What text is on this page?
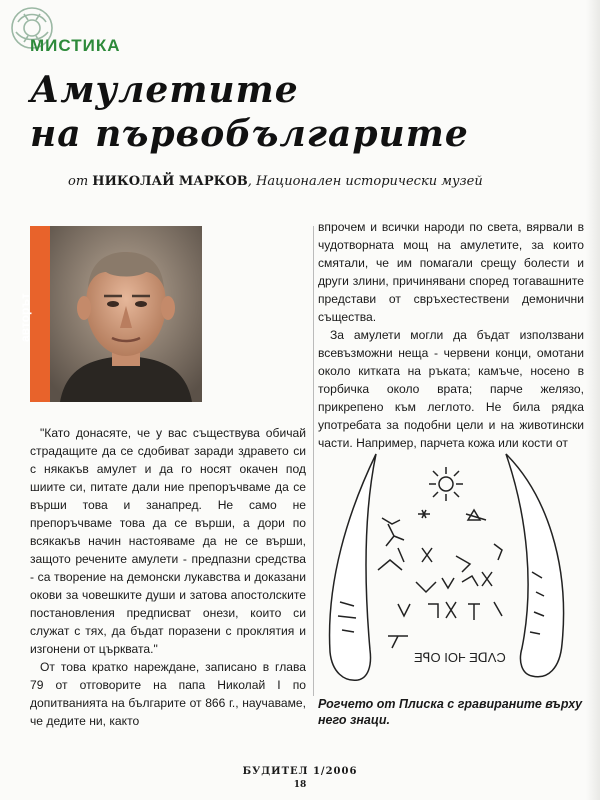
МИСТИКА
Амулетите
на първобългарите
от НИКОЛАЙ МАРКОВ, Национален исторически музей
авторът

"Като донасяте, че у вас съществува обичай страдащите да се сдобиват заради здравето си с някакъв амулет и да го носят окачен под шиите си, питате дали ние препоръчваме да се върши това и занапред. Не само не препоръчваме това да се върши, а дори по всякакъв начин настояваме да не се върши, защото речените амулети - предпазни средства - са творение на демонски лукавства и доказани окови за човешките души и затова апостолските постановления предписват онези, които си служат с тях, да бъдат поразени с проклятия и изгонени от църквата."

От това кратко нареждане, записано в глава 79 от отговорите на папа Николай I по допитванията на българите от 866 г., научаваме, че дедите ни, както

впрочем и всички народи по света, вярвали в чудотворната мощ на амулетите, за които смятали, че им помагали срещу болести и други злини, причинявани според тогавашните представи от свръхестествени демонични същества.

За амулети могли да бъдат използвани всевъзможни неща - червени конци, омотани около китката на ръката; камъче, носено в торбичка около врата; парче желязо, прикрепено към леглото. Не била рядка употребата за подобни цели и на животински части. Например, парчета кожа или кости от

ƎꟼО IOⱵ ƎꓷɅϽ
Рогчето от Плиска с гравираните върху него знаци.
БУДИТЕЛ 1/2006
18
